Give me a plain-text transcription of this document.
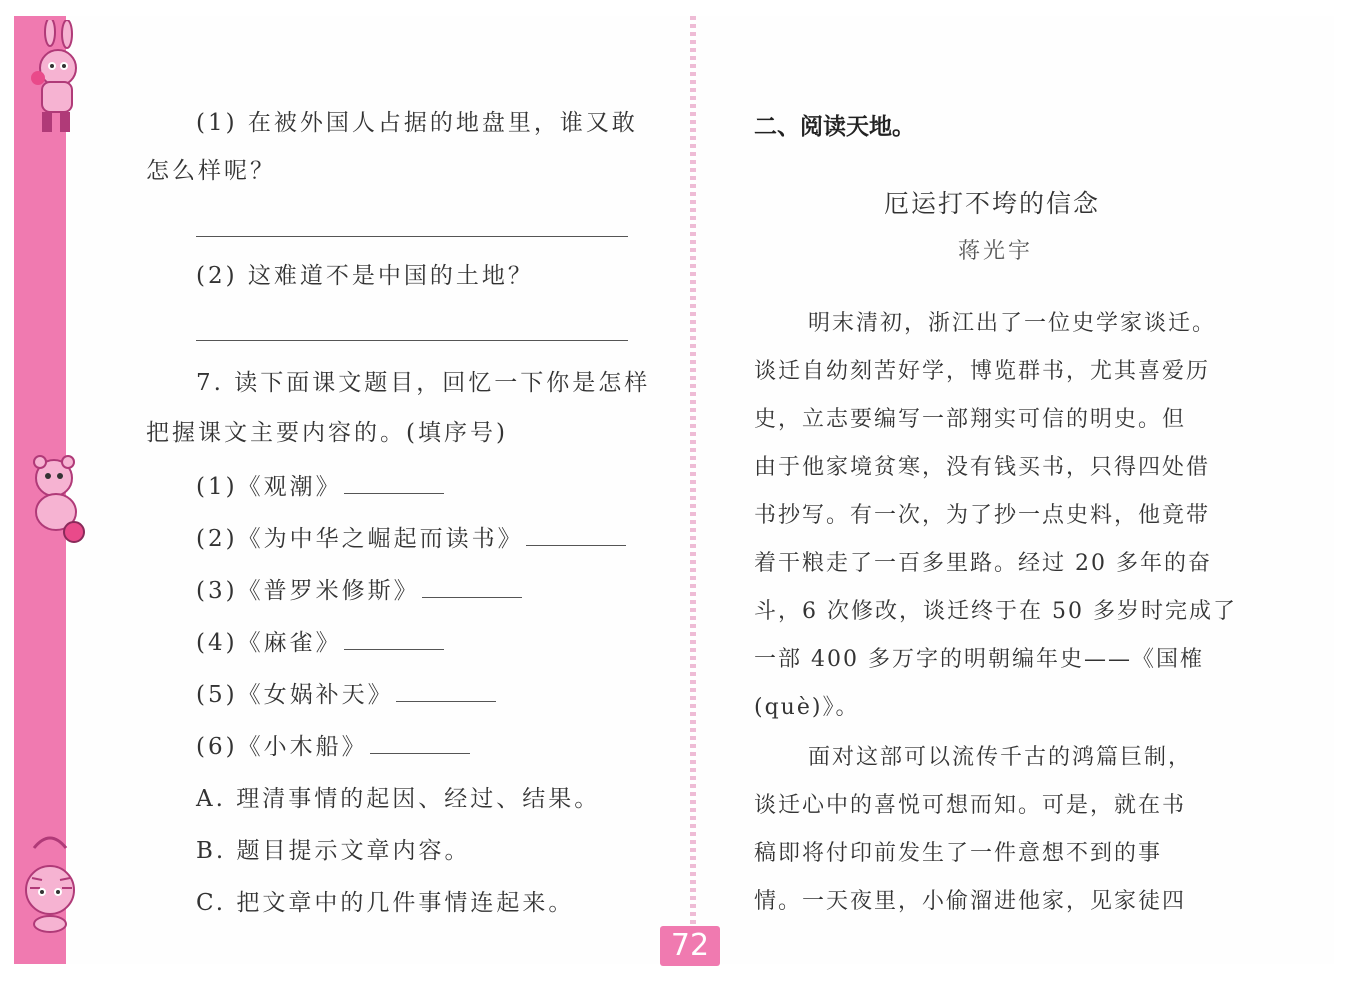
(1) 在被外国人占据的地盘里，谁又敢
怎么样呢？
(2) 这难道不是中国的土地？
7. 读下面课文题目，回忆一下你是怎样
把握课文主要内容的。(填序号)
(1)《观潮》
(2)《为中华之崛起而读书》
(3)《普罗米修斯》
(4)《麻雀》
(5)《女娲补天》
(6)《小木船》
A. 理清事情的起因、经过、结果。
B. 题目提示文章内容。
C. 把文章中的几件事情连起来。
二、阅读天地。
厄运打不垮的信念
蒋光宇
明末清初，浙江出了一位史学家谈迁。
谈迁自幼刻苦好学，博览群书，尤其喜爱历
史，立志要编写一部翔实可信的明史。但
由于他家境贫寒，没有钱买书，只得四处借
书抄写。有一次，为了抄一点史料，他竟带
着干粮走了一百多里路。经过 20 多年的奋
斗，6 次修改，谈迁终于在 50 多岁时完成了
一部 400 多万字的明朝编年史——《国榷
(què)》。
面对这部可以流传千古的鸿篇巨制，
谈迁心中的喜悦可想而知。可是，就在书
稿即将付印前发生了一件意想不到的事
情。一天夜里，小偷溜进他家，见家徒四
72
